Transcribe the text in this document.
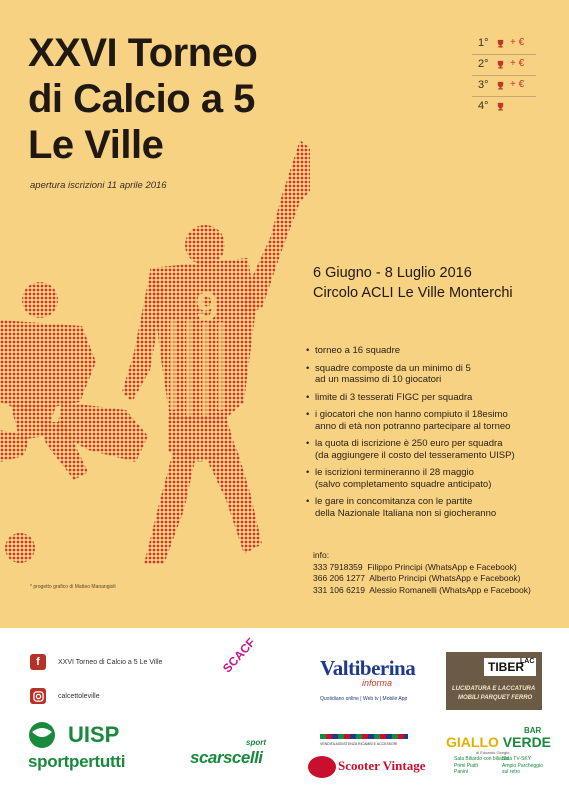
9
XXVI Torneo
di Calcio a 5
Le Ville
apertura iscrizioni 11 aprile 2016
1° + €
2° + €
3° + €
4°
6 Giugno - 8 Luglio 2016
Circolo ACLI Le Ville Monterchi
• torneo a 16 squadre
• squadre composte da un minimo di 5
ad un massimo di 10 giocatori
• limite di 3 tesserati FIGC per squadra
• i giocatori che non hanno compiuto il 18esimo
anno di età non potranno partecipare al torneo
• la quota di iscrizione è 250 euro per squadra
(da aggiungere il costo del tesseramento UISP)
• le iscrizioni termineranno il 28 maggio
(salvo completamento squadre anticipato)
• le gare in concomitanza con le partite
della Nazionale Italiana non si giocheranno
info:
333 7918359 Filippo Principi (WhatsApp e Facebook)
366 206 1277 Alberto Principi (WhatsApp e Facebook)
331 106 6219 Alessio Romanelli (WhatsApp e Facebook)
* progetto grafico di Matteo Manangioli
f	XXVI Torneo di Calcio a 5 Le Ville
calcettoleville
UISP
sportpertutti
SCACF	Valtiberina
informa
Quotidiano online | Web tv | Mobile App
TIBER
LAC
LUCIDATURA E LACCATURA
MOBILI PARQUET FERRO
sport
scarscelli
VENDITA ASSISTENZA RICAMBI E ACCESSORI
Scooter Vintage
BAR
GIALLO VERDE
di Edoardo Giorgio
Sala Biliardo con biliardo
Primi Piatti
Panini
Sala TV-SKY
Ampio Parcheggio
sul retro
